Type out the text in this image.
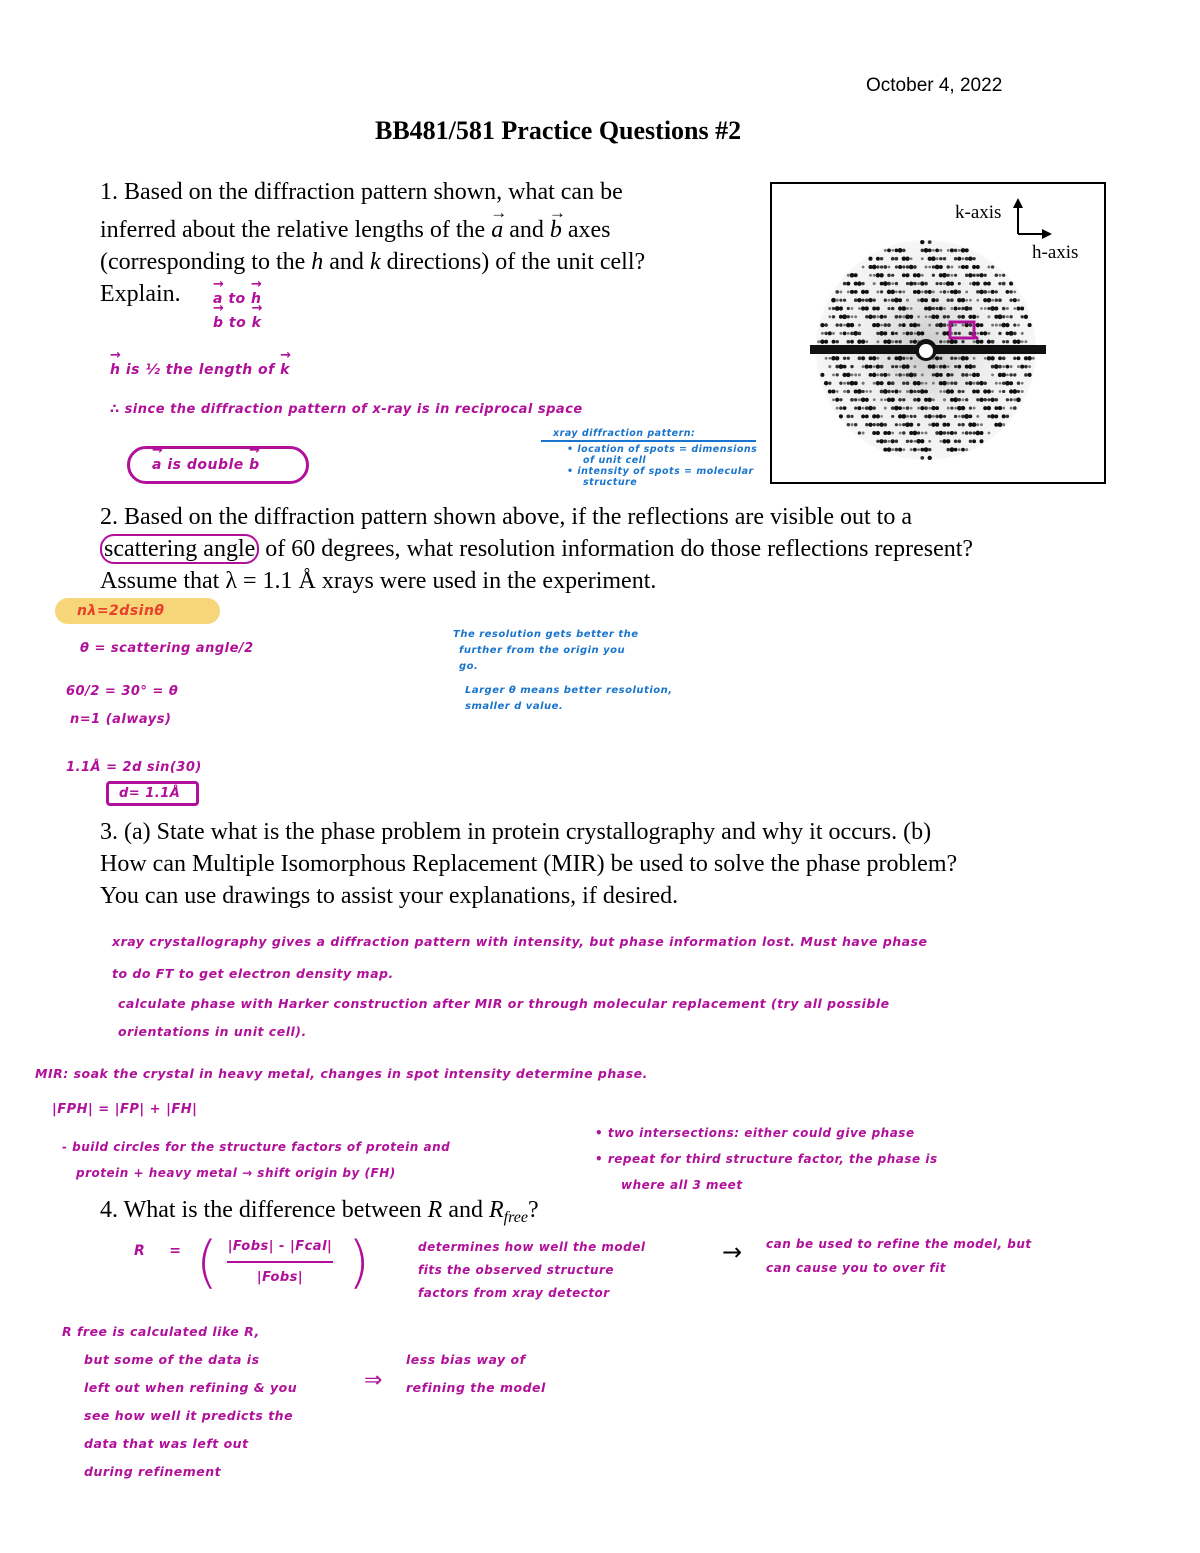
October 4, 2022
BB481/581 Practice Questions #2
1. Based on the diffraction pattern shown, what can be
inferred about the relative lengths of the → a and → b axes
(corresponding to the h and k directions) of the unit cell?
Explain.
→	a to → h
→ b to → k
→ h is ½ the length of → k
∴ since the diffraction pattern of x-ray is in reciprocal space
→ a is double → b
xray diffraction pattern:
• location of spots = dimensions
of unit cell
• intensity of spots = molecular
structure
k-axis
h-axis
2. Based on the diffraction pattern shown above, if the reflections are visible out to a
scattering angle of 60 degrees, what resolution information do those reflections represent?
Assume that λ = 1.1 Å xrays were used in the experiment.
nλ=2dsinθ
θ = scattering angle/2
60/2 = 30° = θ
n=1 (always)
1.1Å = 2d sin(30)
d= 1.1Å
The resolution gets better the
further from the origin you
go.
Larger θ means better resolution,
smaller d value.
3. (a) State what is the phase problem in protein crystallography and why it occurs. (b)
How can Multiple Isomorphous Replacement (MIR) be used to solve the phase problem?
You can use drawings to assist your explanations, if desired.
xray crystallography gives a diffraction pattern with intensity, but phase information lost. Must have phase
to do FT to get electron density map.
calculate phase with Harker construction after MIR or through molecular replacement (try all possible
orientations in unit cell).
MIR: soak the crystal in heavy metal, changes in spot intensity determine phase.
|FPH| = |FP| + |FH|
- build circles for the structure factors of protein and
protein + heavy metal → shift origin by (FH)
• two intersections: either could give phase
• repeat for third structure factor, the phase is
where all 3 meet
4. What is the difference between R and $R_{free}$?
R = ( |Fobs| - |Fcal|
|Fobs| )	determines how well the model
fits the observed structure
factors from xray detector
→ can be used to refine the model, but
can cause you to over fit
R free is calculated like R,
but some of the data is
left out when refining & you
see how well it predicts the
data that was left out
during refinement
⇒
less bias way of
refining the model
